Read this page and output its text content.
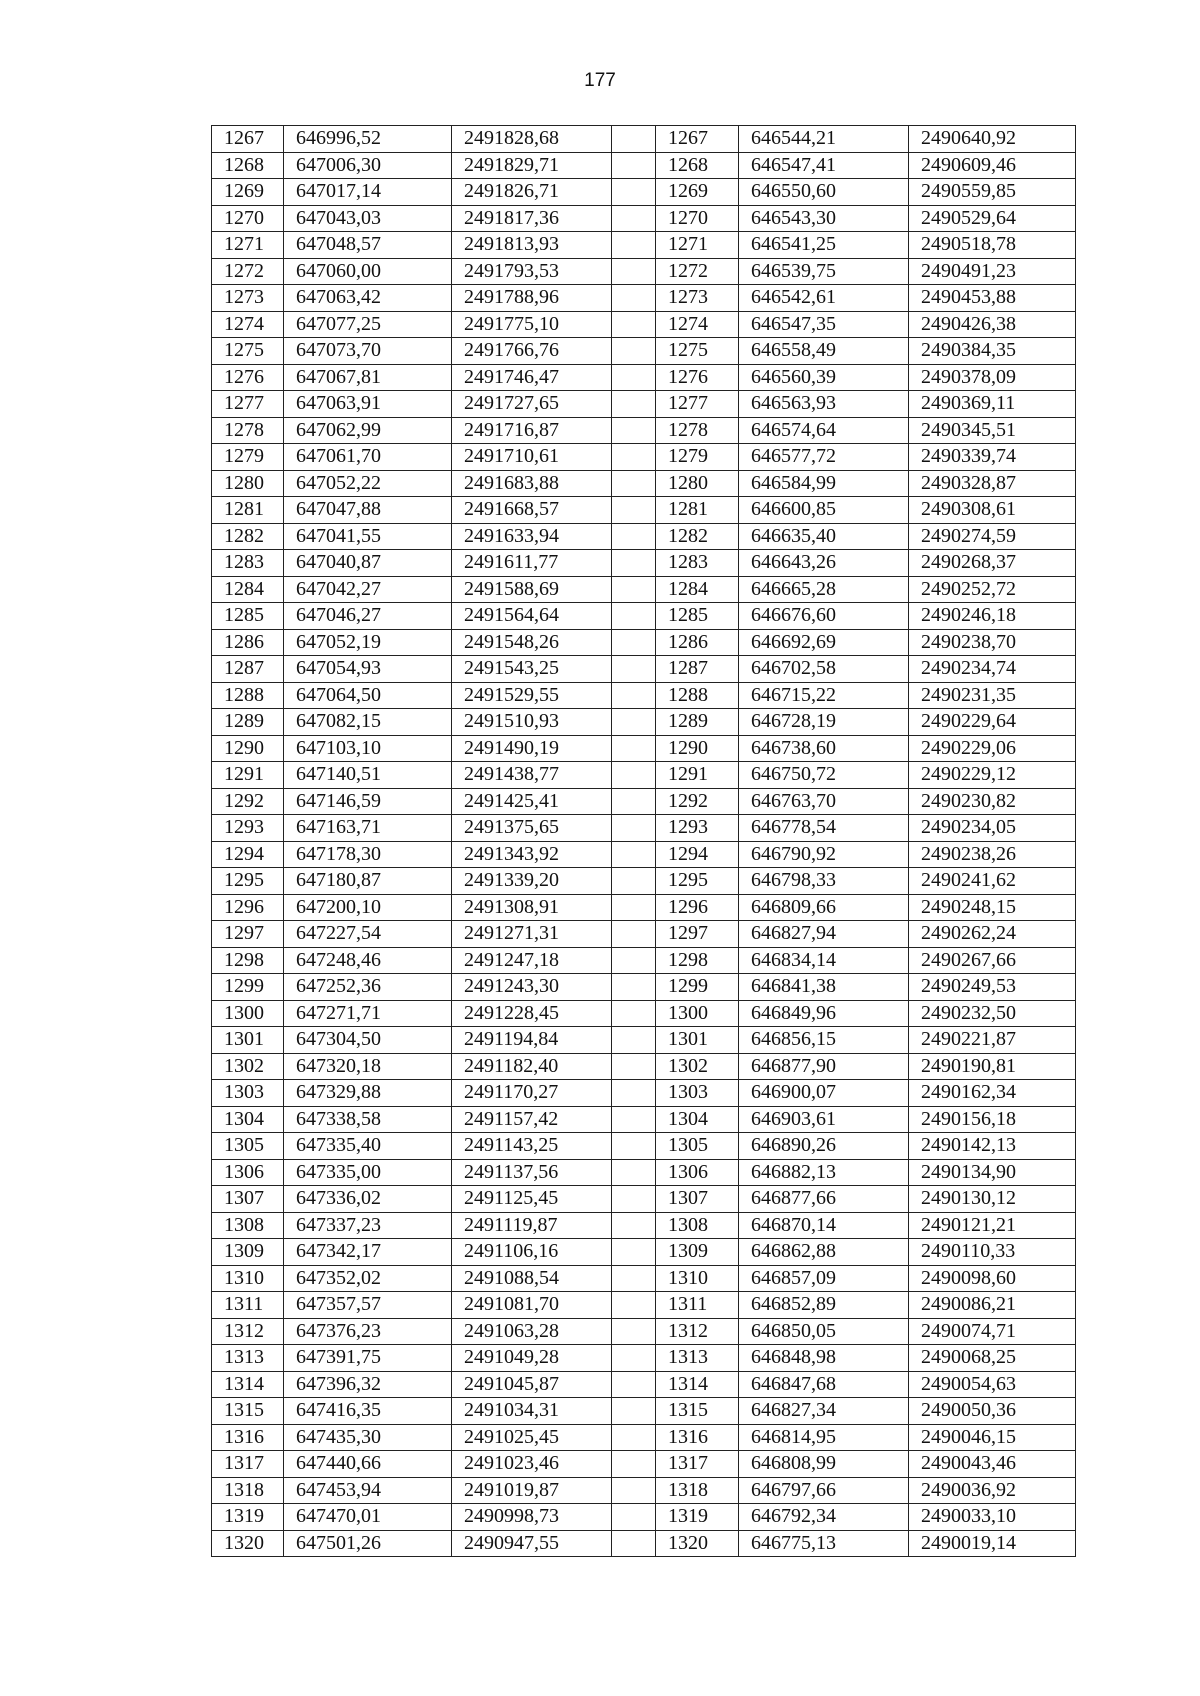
177
1267	646996,52	2491828,68		1267	646544,21	2490640,92
1268	647006,30	2491829,71		1268	646547,41	2490609,46
1269	647017,14	2491826,71		1269	646550,60	2490559,85
1270	647043,03	2491817,36		1270	646543,30	2490529,64
1271	647048,57	2491813,93		1271	646541,25	2490518,78
1272	647060,00	2491793,53		1272	646539,75	2490491,23
1273	647063,42	2491788,96		1273	646542,61	2490453,88
1274	647077,25	2491775,10		1274	646547,35	2490426,38
1275	647073,70	2491766,76		1275	646558,49	2490384,35
1276	647067,81	2491746,47		1276	646560,39	2490378,09
1277	647063,91	2491727,65		1277	646563,93	2490369,11
1278	647062,99	2491716,87		1278	646574,64	2490345,51
1279	647061,70	2491710,61		1279	646577,72	2490339,74
1280	647052,22	2491683,88		1280	646584,99	2490328,87
1281	647047,88	2491668,57		1281	646600,85	2490308,61
1282	647041,55	2491633,94		1282	646635,40	2490274,59
1283	647040,87	2491611,77		1283	646643,26	2490268,37
1284	647042,27	2491588,69		1284	646665,28	2490252,72
1285	647046,27	2491564,64		1285	646676,60	2490246,18
1286	647052,19	2491548,26		1286	646692,69	2490238,70
1287	647054,93	2491543,25		1287	646702,58	2490234,74
1288	647064,50	2491529,55		1288	646715,22	2490231,35
1289	647082,15	2491510,93		1289	646728,19	2490229,64
1290	647103,10	2491490,19		1290	646738,60	2490229,06
1291	647140,51	2491438,77		1291	646750,72	2490229,12
1292	647146,59	2491425,41		1292	646763,70	2490230,82
1293	647163,71	2491375,65		1293	646778,54	2490234,05
1294	647178,30	2491343,92		1294	646790,92	2490238,26
1295	647180,87	2491339,20		1295	646798,33	2490241,62
1296	647200,10	2491308,91		1296	646809,66	2490248,15
1297	647227,54	2491271,31		1297	646827,94	2490262,24
1298	647248,46	2491247,18		1298	646834,14	2490267,66
1299	647252,36	2491243,30		1299	646841,38	2490249,53
1300	647271,71	2491228,45		1300	646849,96	2490232,50
1301	647304,50	2491194,84		1301	646856,15	2490221,87
1302	647320,18	2491182,40		1302	646877,90	2490190,81
1303	647329,88	2491170,27		1303	646900,07	2490162,34
1304	647338,58	2491157,42		1304	646903,61	2490156,18
1305	647335,40	2491143,25		1305	646890,26	2490142,13
1306	647335,00	2491137,56		1306	646882,13	2490134,90
1307	647336,02	2491125,45		1307	646877,66	2490130,12
1308	647337,23	2491119,87		1308	646870,14	2490121,21
1309	647342,17	2491106,16		1309	646862,88	2490110,33
1310	647352,02	2491088,54		1310	646857,09	2490098,60
1311	647357,57	2491081,70		1311	646852,89	2490086,21
1312	647376,23	2491063,28		1312	646850,05	2490074,71
1313	647391,75	2491049,28		1313	646848,98	2490068,25
1314	647396,32	2491045,87		1314	646847,68	2490054,63
1315	647416,35	2491034,31		1315	646827,34	2490050,36
1316	647435,30	2491025,45		1316	646814,95	2490046,15
1317	647440,66	2491023,46		1317	646808,99	2490043,46
1318	647453,94	2491019,87		1318	646797,66	2490036,92
1319	647470,01	2490998,73		1319	646792,34	2490033,10
1320	647501,26	2490947,55		1320	646775,13	2490019,14
